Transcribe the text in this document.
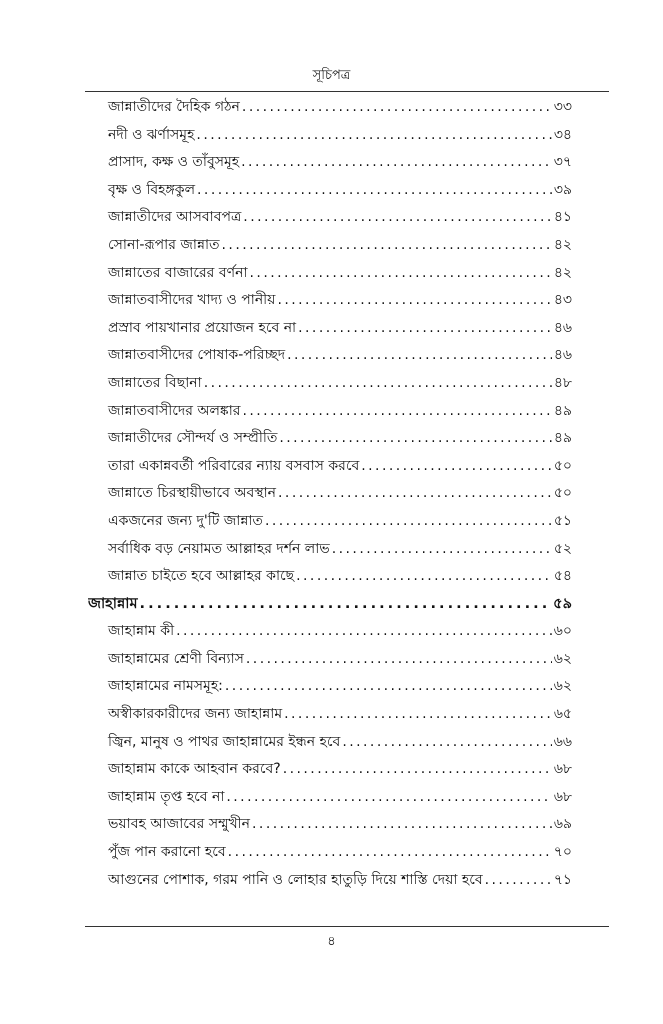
সূচিপত্র
জান্নাতীদের দৈহিক গঠন . . .	৩৩
নদী ও ঝর্ণাসমূহ . . .	৩৪
প্রাসাদ, কক্ষ ও তাঁবুসমূহ . . .	৩৭
বৃক্ষ ও বিহঙ্গকুল . . .	৩৯
জান্নাতীদের আসবাবপত্র . . .	৪১
সোনা-রূপার জান্নাত . . .	৪২
জান্নাতের বাজারের বর্ণনা . . .	৪২
জান্নাতবাসীদের খাদ্য ও পানীয় . . .	৪৩
প্রস্রাব পায়খানার প্রয়োজন হবে না . . .	৪৬
জান্নাতবাসীদের পোষাক-পরিচ্ছদ . . .	৪৬
জান্নাতের বিছানা . . .	৪৮
জান্নাতবাসীদের অলঙ্কার . . .	৪৯
জান্নাতীদের সৌন্দর্য ও সম্প্রীতি . . .	৪৯
তারা একান্নবর্তী পরিবারের ন্যায় বসবাস করবে . . .	৫০
জান্নাতে চিরস্থায়ীভাবে অবস্থান . . .	৫০
একজনের জন্য দু'টি জান্নাত . . .	৫১
সর্বাধিক বড় নেয়ামত আল্লাহর দর্শন লাভ . . .	৫২
জান্নাত চাইতে হবে আল্লাহর কাছে . . .	৫৪
জাহান্নাম . . .	৫৯
জাহান্নাম কী . . .	৬০
জাহান্নামের শ্রেণী বিন্যাস . . .	৬২
জাহান্নামের নামসমূহ: . . .	৬২
অস্বীকারকারীদের জন্য জাহান্নাম . . .	৬৫
জ্বিন, মানুষ ও পাথর জাহান্নামের ইন্ধন হবে . . .	৬৬
জাহান্নাম কাকে আহবান করবে? . . .	৬৮
জাহান্নাম তৃপ্ত হবে না . . .	৬৮
ভয়াবহ আজাবের সম্মুখীন . . .	৬৯
পুঁজ পান করানো হবে . . .	৭০
আগুনের পোশাক, গরম পানি ও লোহার হাতুড়ি দিয়ে শাস্তি দেয়া হবে . . .	৭১
৪
